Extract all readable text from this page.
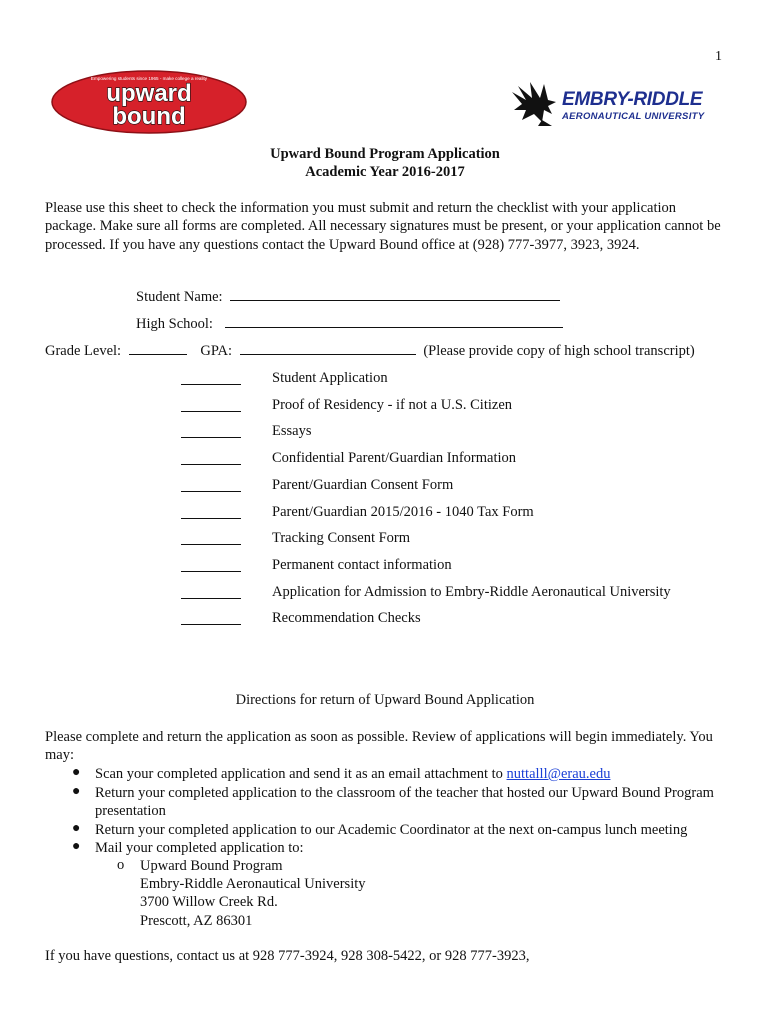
1
Empowering students since 1965 - make college a reality
upward
bound
EMBRY-RIDDLE
AERONAUTICAL UNIVERSITY
Upward Bound Program Application
Academic Year 2016-2017
Please use this sheet to check the information you must submit and return the checklist with your application package. Make sure all forms are completed. All necessary signatures must be present, or your application cannot be processed. If you have any questions contact the Upward Bound office at (928) 777-3977, 3923, 3924.
Student Name:
High School:
Grade Level:	GPA:	(Please provide copy of high school transcript)
Student Application
Proof of Residency - if not a U.S. Citizen
Essays
Confidential Parent/Guardian Information
Parent/Guardian Consent Form
Parent/Guardian 2015/2016 - 1040 Tax Form
Tracking Consent Form
Permanent contact information
Application for Admission to Embry-Riddle Aeronautical University
Recommendation Checks
Directions for return of Upward Bound Application
Please complete and return the application as soon as possible. Review of applications will begin immediately. You may:
● Scan your completed application and send it as an email attachment to nuttalll@erau.edu
● Return your completed application to the classroom of the teacher that hosted our Upward Bound Program presentation
● Return your completed application to our Academic Coordinator at the next on-campus lunch meeting
● Mail your completed application to:
o Upward Bound Program
Embry-Riddle Aeronautical University
3700 Willow Creek Rd.
Prescott, AZ 86301
If you have questions, contact us at 928 777-3924, 928 308-5422, or 928 777-3923,
